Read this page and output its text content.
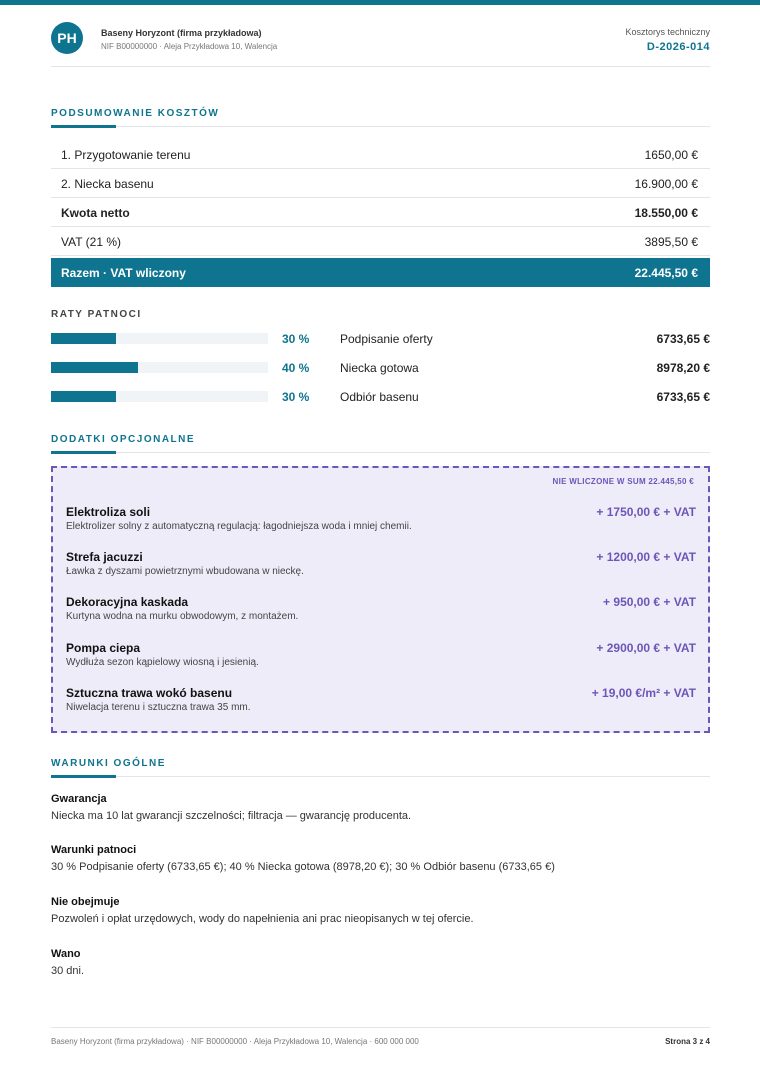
PH	Baseny Horyzont (firma przykładowa)
NIF B00000000 · Aleja Przykładowa 10, Walencja
Kosztorys techniczny
D-2026-014
PODSUMOWANIE KOSZTÓW
1. Przygotowanie terenu	1650,00 €
2. Niecka basenu	16.900,00 €
Kwota netto	18.550,00 €
VAT (21 %)	3895,50 €
Razem · VAT wliczony	22.445,50 €
RATY PATNOCI
30 %	Podpisanie oferty	6733,65 €
40 %	Niecka gotowa	8978,20 €
30 %	Odbiór basenu	6733,65 €
DODATKI OPCJONALNE
NIE WLICZONE W SUM 22.445,50 €
Elektroliza soli
Elektrolizer solny z automatyczną regulacją: łagodniejsza woda i mniej chemii.
+ 1750,00 € + VAT
Strefa jacuzzi
Ławka z dyszami powietrznymi wbudowana w nieckę.
+ 1200,00 € + VAT
Dekoracyjna kaskada
Kurtyna wodna na murku obwodowym, z montażem.
+ 950,00 € + VAT
Pompa ciepa
Wydłuża sezon kąpielowy wiosną i jesienią.
+ 2900,00 € + VAT
Sztuczna trawa wokó basenu
Niwelacja terenu i sztuczna trawa 35 mm.
+ 19,00 €/m² + VAT
WARUNKI OGÓLNE
Gwarancja
Niecka ma 10 lat gwarancji szczelności; filtracja — gwarancję producenta.
Warunki patnoci
30 % Podpisanie oferty (6733,65 €); 40 % Niecka gotowa (8978,20 €); 30 % Odbiór basenu (6733,65 €)
Nie obejmuje
Pozwoleń i opłat urzędowych, wody do napełnienia ani prac nieopisanych w tej ofercie.
Wano
30 dni.
Baseny Horyzont (firma przykładowa) · NIF B00000000 · Aleja Przykładowa 10, Walencja · 600 000 000	Strona 3 z 4
